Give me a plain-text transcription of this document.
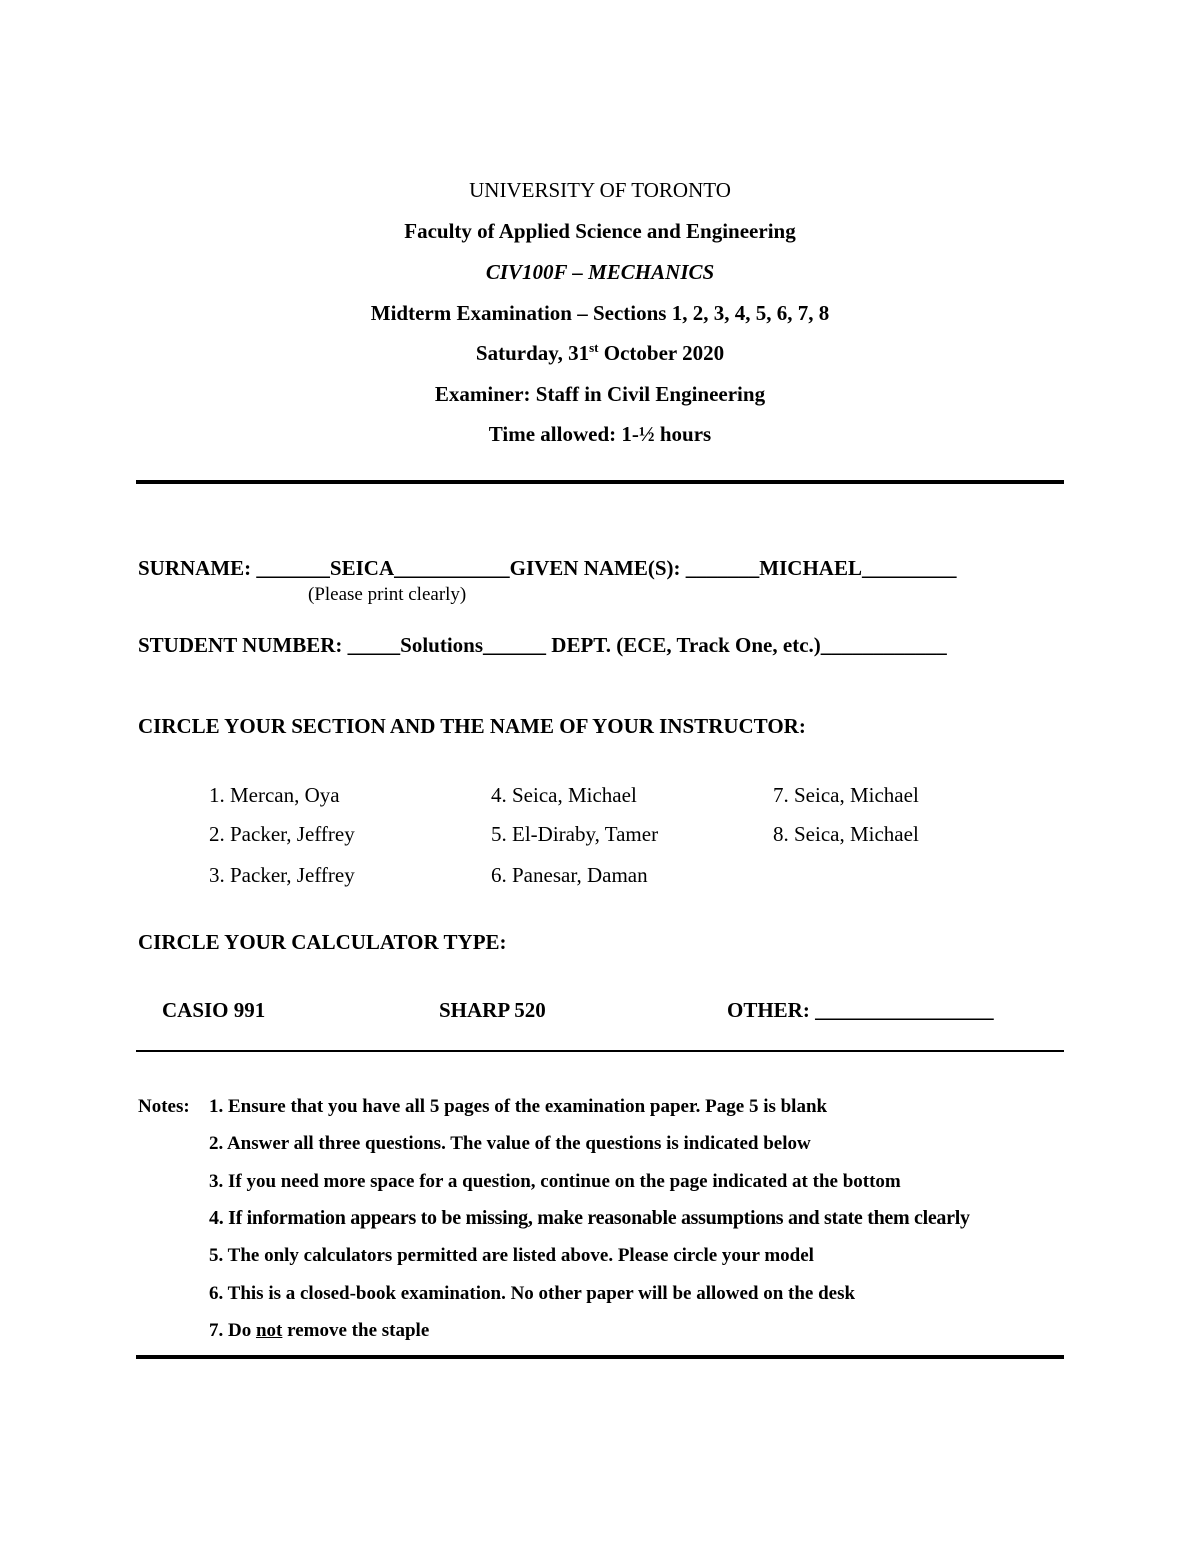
UNIVERSITY OF TORONTO
Faculty of Applied Science and Engineering
CIV100F – MECHANICS
Midterm Examination – Sections 1, 2, 3, 4, 5, 6, 7, 8
Saturday, 31st October 2020
Examiner: Staff in Civil Engineering
Time allowed: 1-½ hours
SURNAME: _______SEICA___________GIVEN NAME(S): _______MICHAEL_________
(Please print clearly)
STUDENT NUMBER: _____Solutions______ DEPT. (ECE, Track One, etc.)____________
CIRCLE YOUR SECTION AND THE NAME OF YOUR INSTRUCTOR:
1. Mercan, Oya
2. Packer, Jeffrey
3. Packer, Jeffrey
4. Seica, Michael
5. El-Diraby, Tamer
6. Panesar, Daman
7. Seica, Michael
8. Seica, Michael
CIRCLE YOUR CALCULATOR TYPE:
CASIO 991	SHARP 520	OTHER: _________________
Notes: 1. Ensure that you have all 5 pages of the examination paper. Page 5 is blank
2. Answer all three questions. The value of the questions is indicated below
3. If you need more space for a question, continue on the page indicated at the bottom
4. If information appears to be missing, make reasonable assumptions and state them clearly
5. The only calculators permitted are listed above. Please circle your model
6. This is a closed-book examination. No other paper will be allowed on the desk
7. Do not remove the staple
